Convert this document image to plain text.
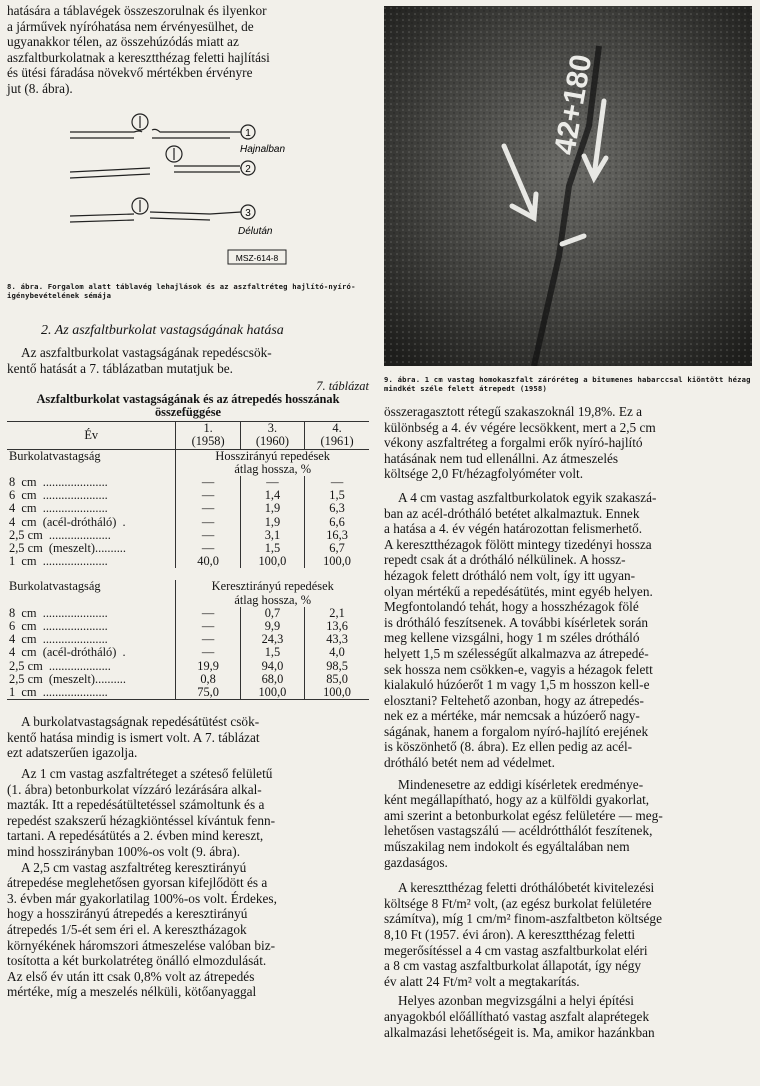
hatására a táblavégek összeszorulnak és ilyenkor

a járművek nyíróhatása nem érvényesülhet, de

ugyanakkor télen, az összehúzódás miatt az

aszfaltburkolatnak a keresztthézag feletti hajlítási

és ütési fáradása növekvő mértékben érvényre

jut (8. ábra).

1
2
3
Hajnalban
Délután
MSZ-614-8

8. ábra. Forgalom alatt táblavég lehajlások és az aszfaltréteg hajlító-nyíró-igénybevételének sémája

2. Az aszfaltburkolat vastagságának hatása

Az aszfaltburkolat vastagságának repedéscsök-

kentő hatását a 7. táblázatban mutatjuk be.

7. táblázat
Aszfaltburkolat vastagságának és az átrepedés hosszának
összefüggése

Év	1.	3.	4.
	(1958)	(1960)	(1961)

Burkolatvastagság	Hosszirányú repedések		
	átlag hossza, %		
8  cm  .....................	—	—	—
6  cm  .....................	—	1,4	1,5
4  cm  .....................	—	1,9	6,3
4  cm  (acél-drótháló)  .	—	1,9	6,6
2,5 cm  ....................	—	3,1	16,3
2,5 cm  (meszelt)..........	—	1,5	6,7
1  cm  .....................	40,0	100,0	100,0

Burkolatvastagság	Keresztirányú repedések		
	átlag hossza, %		
8  cm  .....................	—	0,7	2,1
6  cm  .....................	—	9,9	13,6
4  cm  .....................	—	24,3	43,3
4  cm  (acél-drótháló)  .	—	1,5	4,0
2,5 cm  ....................	19,9	94,0	98,5
2,5 cm  (meszelt)..........	0,8	68,0	85,0
1  cm  .....................	75,0	100,0	100,0

A burkolatvastagságnak repedésátütést csök-

kentő hatása mindig is ismert volt. A 7. táblázat

ezt adatszerűen igazolja.

Az 1 cm vastag aszfaltréteget a széteső felületű

(1. ábra) betonburkolat vízzáró lezárására alkal-

mazták. Itt a repedésátültetéssel számoltunk és a

repedést szakszerű hézagkiöntéssel kívántuk fenn-

tartani. A repedésátütés a 2. évben mind kereszt,

mind hosszirányban 100%-os volt (9. ábra).

A 2,5 cm vastag aszfaltréteg keresztirányú

átrepedése meglehetősen gyorsan kifejlődött és a

3. évben már gyakorlatilag 100%-os volt. Érdekes,

hogy a hosszirányú átrepedés a keresztirányú

átrepedés 1/5-ét sem éri el. A keresztházagok

környékének háromszori átmeszelése valóban biz-

tosította a két burkolatréteg önálló elmozdulását.

Az első év után itt csak 0,8% volt az átrepedés

mértéke, míg a meszelés nélküli, kötőanyaggal

42+180

9. ábra. 1 cm vastag homokaszfalt záróréteg a bitumenes habarccsal kiöntött hézag mindkét széle felett átrepedt (1958)

összeragasztott rétegű szakaszoknál 19,8%. Ez a

különbség a 4. év végére lecsökkent, mert a 2,5 cm

vékony aszfaltréteg a forgalmi erők nyíró-hajlító

hatásának nem tud ellenállni. Az átmeszelés

költsége 2,0 Ft/hézagfolyóméter volt.

A 4 cm vastag aszfaltburkolatok egyik szakaszá-

ban az acél-drótháló betétet alkalmaztuk. Ennek

a hatása a 4. év végén határozottan felismerhető.

A keresztthézagok fölött mintegy tizedényi hossza

repedt csak át a drótháló nélkülinek. A hossz-

hézagok felett drótháló nem volt, így itt ugyan-

olyan mértékű a repedésátütés, mint egyéb helyen.

Megfontolandó tehát, hogy a hosszhézagok fölé

is drótháló feszítsenek. A további kísérletek során

meg kellene vizsgálni, hogy 1 m széles drótháló

helyett 1,5 m szélességűt alkalmazva az átrepedé-

sek hossza nem csökken-e, vagyis a hézagok felett

kialakuló húzóerőt 1 m vagy 1,5 m hosszon kell-e

elosztani? Feltehető azonban, hogy az átrepedés-

nek ez a mértéke, már nemcsak a húzóerő nagy-

ságának, hanem a forgalom nyíró-hajlító erejének

is köszönhető (8. ábra). Ez ellen pedig az acél-

drótháló betét nem ad védelmet.

Mindenesetre az eddigi kísérletek eredménye-

ként megállapítható, hogy az a külföldi gyakorlat,

ami szerint a betonburkolat egész felületére — meg-

lehetősen vastagszálú — acéldrótthálót feszítenek,

műszakilag nem indokolt és egyáltalában nem

gazdaságos.

A keresztthézag feletti dróthálóbetét kivitelezési

költsége 8 Ft/m² volt, (az egész burkolat felületére

számítva), míg 1 cm/m² finom-aszfaltbeton költsége

8,10 Ft (1957. évi áron). A keresztthézag feletti

megerősítéssel a 4 cm vastag aszfaltburkolat eléri

a 8 cm vastag aszfaltburkolat állapotát, így négy

év alatt 24 Ft/m² volt a megtakarítás.

Helyes azonban megvizsgálni a helyi építési

anyagokból előállítható vastag aszfalt alaprétegek

alkalmazási lehetőségeit is. Ma, amikor hazánkban
